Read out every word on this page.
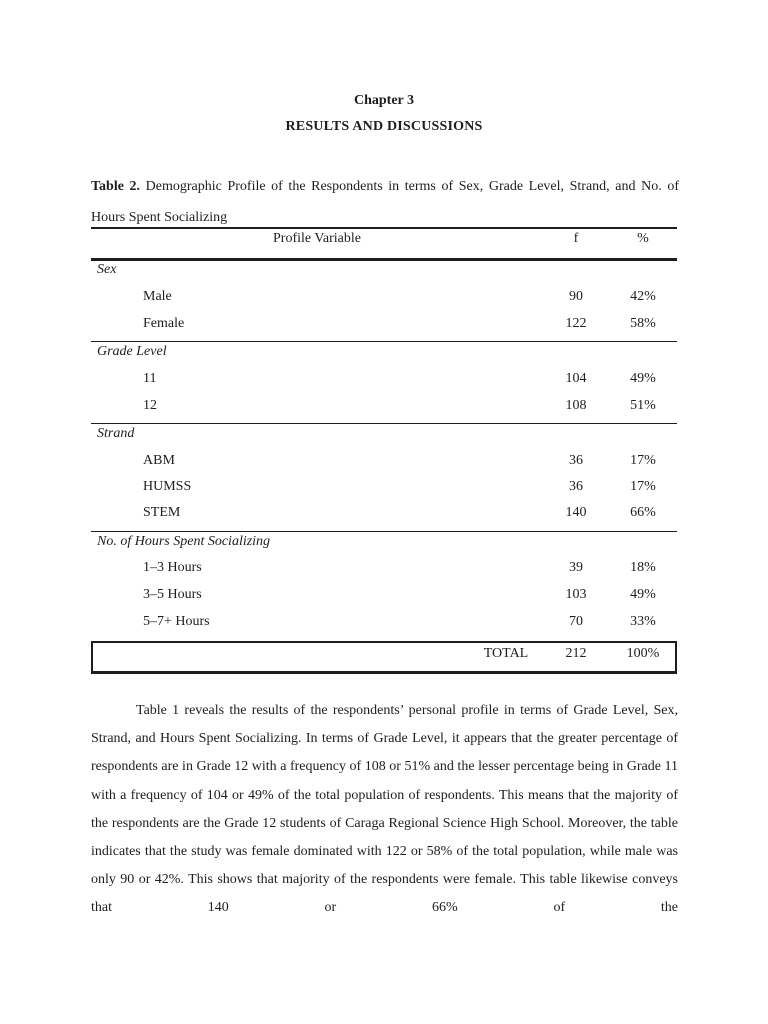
Chapter 3
RESULTS AND DISCUSSIONS
Table 2. Demographic Profile of the Respondents in terms of Sex, Grade Level, Strand, and No. of Hours Spent Socializing
Profile Variable	f	%
Sex
Male	90	42%
Female	122	58%
Grade Level
11	104	49%
12	108	51%
Strand
ABM	36	17%
HUMSS	36	17%
STEM	140	66%
No. of Hours Spent Socializing
1–3 Hours	39	18%
3–5 Hours	103	49%
5–7+ Hours	70	33%
TOTAL	212	100%
Table 1 reveals the results of the respondents’ personal profile in terms of Grade Level, Sex, Strand, and Hours Spent Socializing. In terms of Grade Level, it appears that the greater percentage of respondents are in Grade 12 with a frequency of 108 or 51% and the lesser percentage being in Grade 11 with a frequency of 104 or 49% of the total population of respondents. This means that the majority of the respondents are the Grade 12 students of Caraga Regional Science High School. Moreover, the table indicates that the study was female dominated with 122 or 58% of the total population, while male was only 90 or 42%. This shows that majority of the respondents were female. This table likewise conveys that 140 or 66% of the
